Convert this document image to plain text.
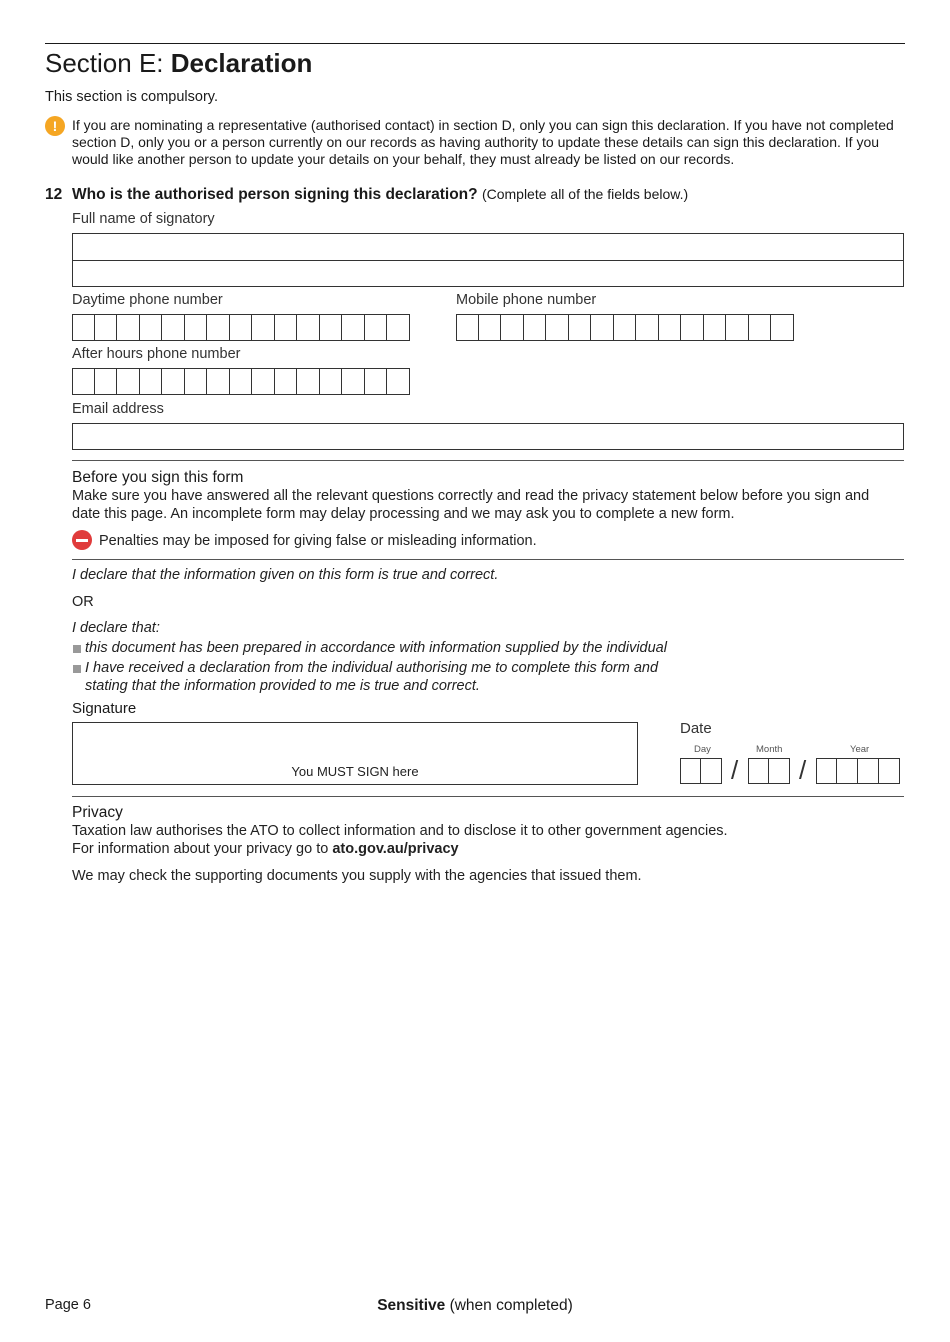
Section E: Declaration
This section is compulsory.
!	If you are nominating a representative (authorised contact) in section D, only you can sign this declaration. If you have not completed section D, only you or a person currently on our records as having authority to update these details can sign this declaration. If you would like another person to update your details on your behalf, they must already be listed on our records.
12 Who is the authorised person signing this declaration? (Complete all of the fields below.)
Full name of signatory
Daytime phone number	Mobile phone number
After hours phone number
Email address
Before you sign this form
Make sure you have answered all the relevant questions correctly and read the privacy statement below before you sign and date this page. An incomplete form may delay processing and we may ask you to complete a new form.
Penalties may be imposed for giving false or misleading information.
I declare that the information given on this form is true and correct.
OR
I declare that:
this document has been prepared in accordance with information supplied by the individual
I have received a declaration from the individual authorising me to complete this form and
stating that the information provided to me is true and correct.
Signature
You MUST SIGN here
Date
Day	Month	Year
/ /
Privacy
Taxation law authorises the ATO to collect information and to disclose it to other government agencies.
For information about your privacy go to ato.gov.au/privacy
We may check the supporting documents you supply with the agencies that issued them.
Page 6	Sensitive (when completed)
